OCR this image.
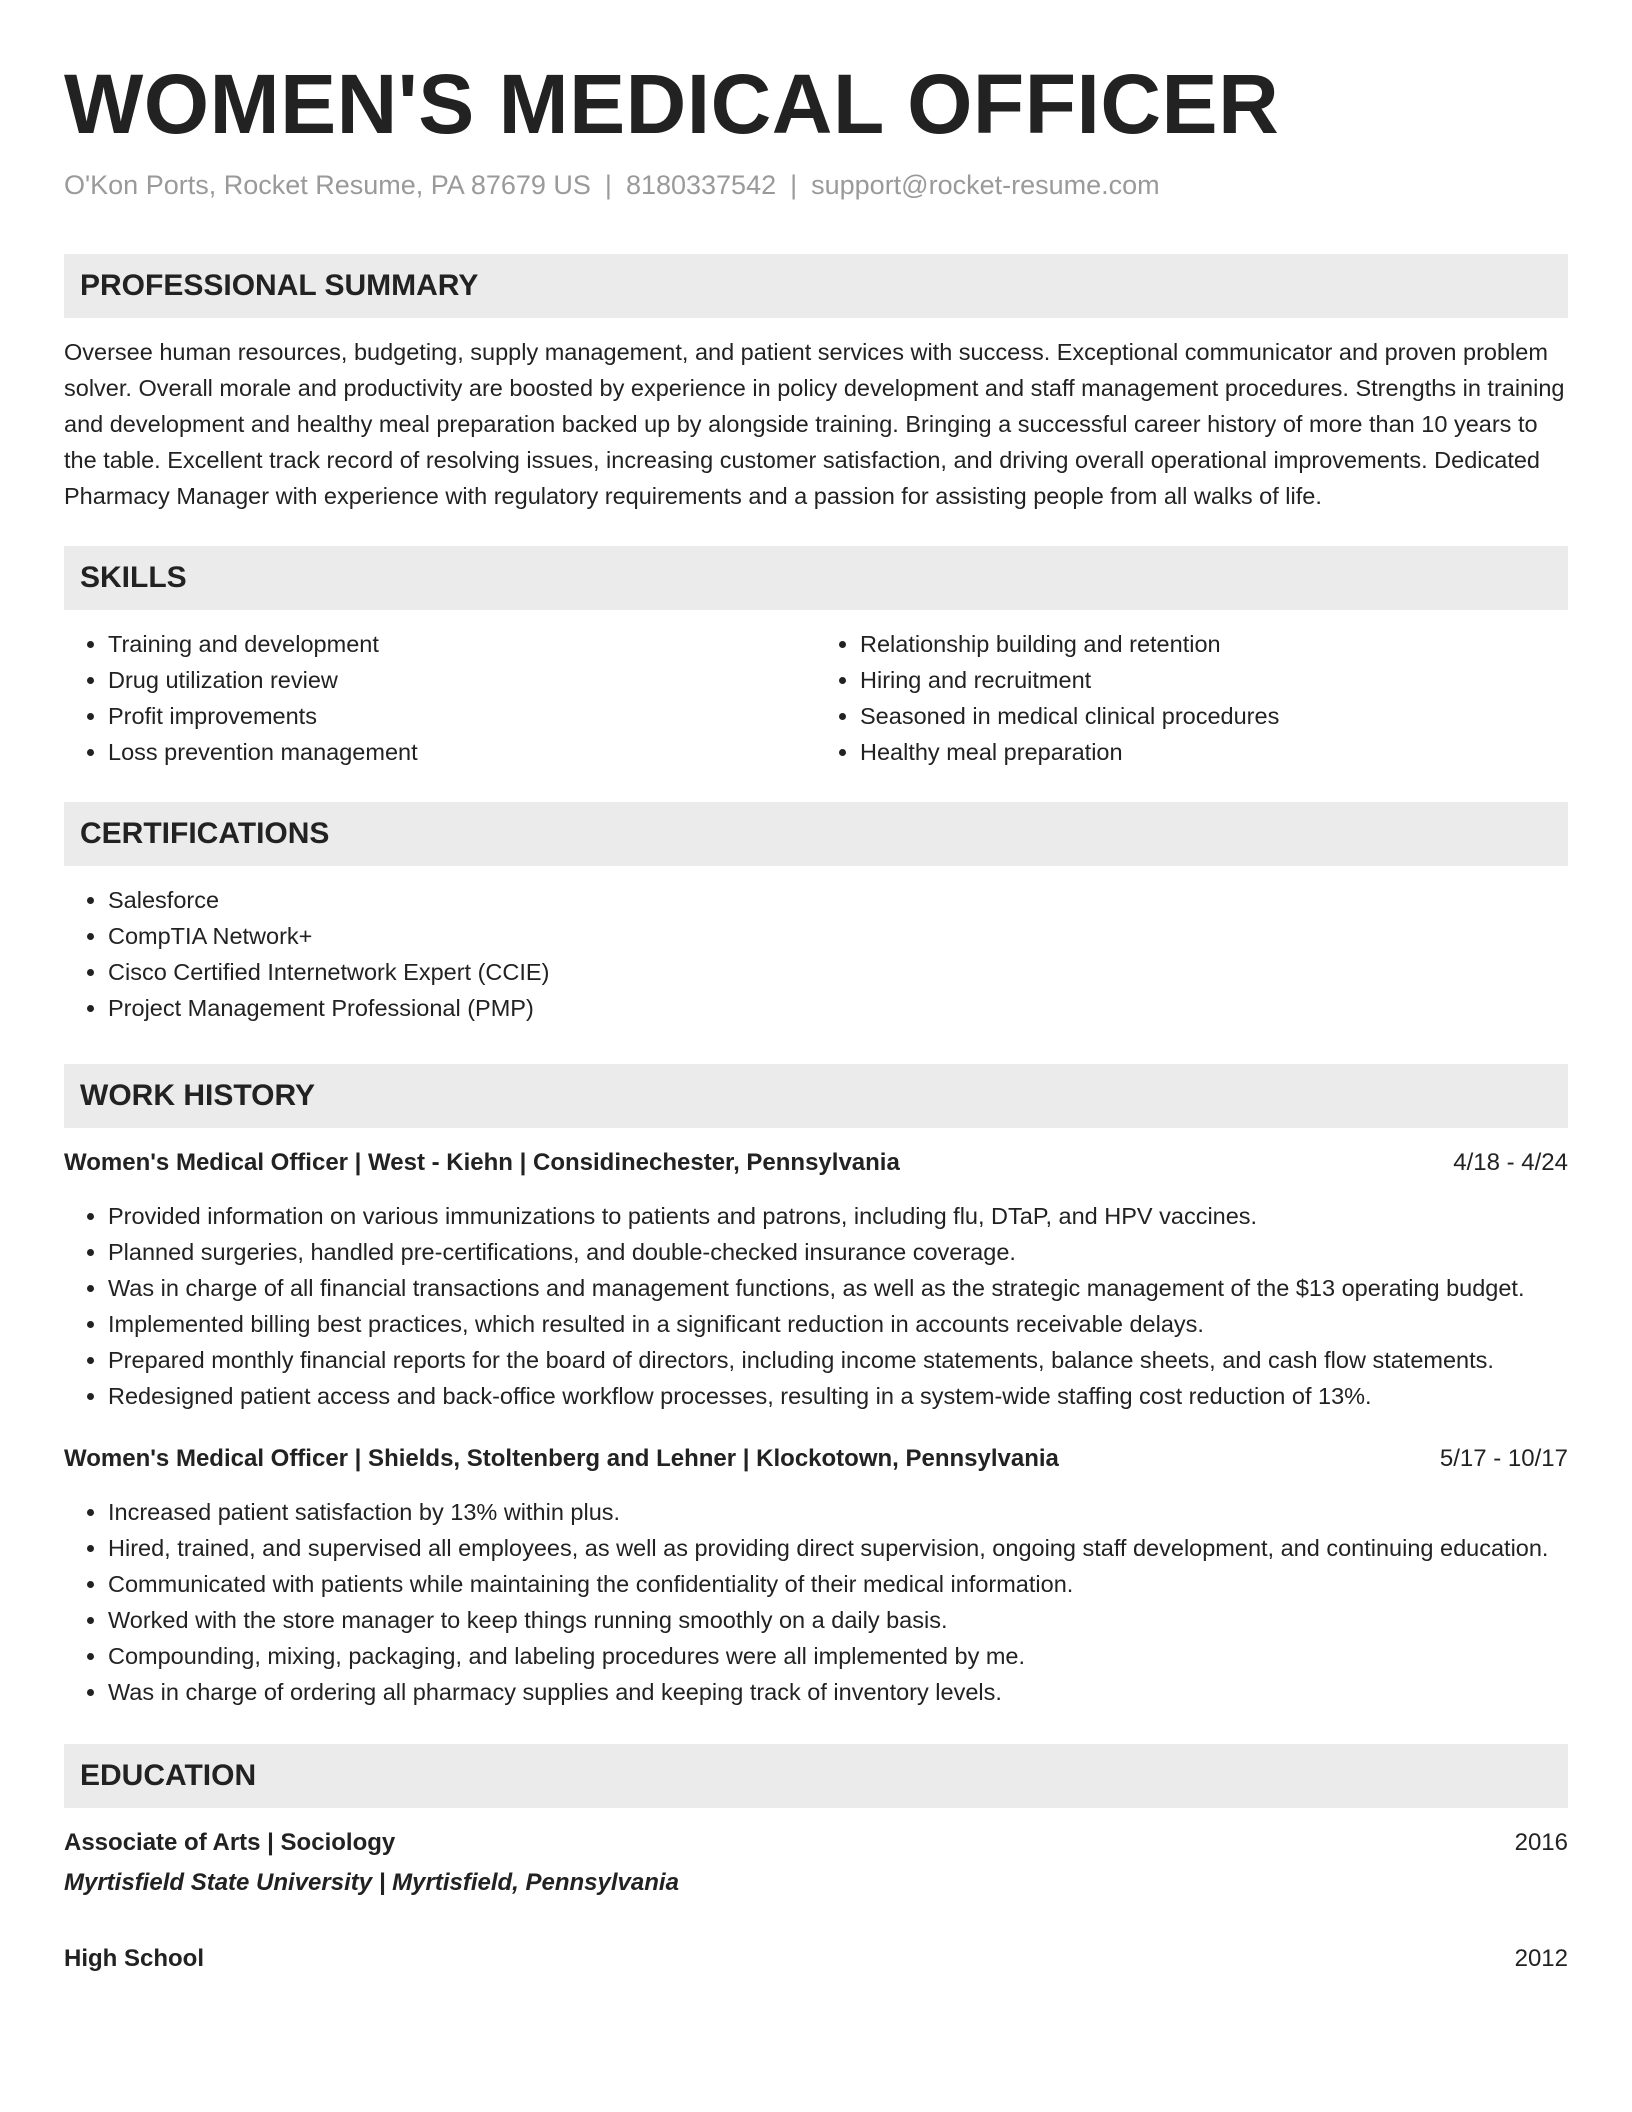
WOMEN'S MEDICAL OFFICER
O'Kon Ports, Rocket Resume, PA 87679 US | 8180337542 | support@rocket-resume.com
PROFESSIONAL SUMMARY

Oversee human resources, budgeting, supply management, and patient services with success. Exceptional communicator and proven problem solver. Overall morale and productivity are boosted by experience in policy development and staff management procedures. Strengths in training and development and healthy meal preparation backed up by alongside training. Bringing a successful career history of more than 10 years to the table. Excellent track record of resolving issues, increasing customer satisfaction, and driving overall operational improvements. Dedicated Pharmacy Manager with experience with regulatory requirements and a passion for assisting people from all walks of life.

SKILLS
• Training and development
• Drug utilization review
• Profit improvements
• Loss prevention management
• Relationship building and retention
• Hiring and recruitment
• Seasoned in medical clinical procedures
• Healthy meal preparation
CERTIFICATIONS
• Salesforce
• CompTIA Network+
• Cisco Certified Internetwork Expert (CCIE)
• Project Management Professional (PMP)
WORK HISTORY
Women's Medical Officer | West - Kiehn | Considinechester, Pennsylvania	4/18 - 4/24
• Provided information on various immunizations to patients and patrons, including flu, DTaP, and HPV vaccines.
• Planned surgeries, handled pre-certifications, and double-checked insurance coverage.
• Was in charge of all financial transactions and management functions, as well as the strategic management of the $13 operating budget.
• Implemented billing best practices, which resulted in a significant reduction in accounts receivable delays.
• Prepared monthly financial reports for the board of directors, including income statements, balance sheets, and cash flow statements.
• Redesigned patient access and back-office workflow processes, resulting in a system-wide staffing cost reduction of 13%.
Women's Medical Officer | Shields, Stoltenberg and Lehner | Klockotown, Pennsylvania	5/17 - 10/17
• Increased patient satisfaction by 13% within plus.
• Hired, trained, and supervised all employees, as well as providing direct supervision, ongoing staff development, and continuing education.
• Communicated with patients while maintaining the confidentiality of their medical information.
• Worked with the store manager to keep things running smoothly on a daily basis.
• Compounding, mixing, packaging, and labeling procedures were all implemented by me.
• Was in charge of ordering all pharmacy supplies and keeping track of inventory levels.
EDUCATION
Associate of Arts | Sociology	2016
Myrtisfield State University | Myrtisfield, Pennsylvania
High School	2012
